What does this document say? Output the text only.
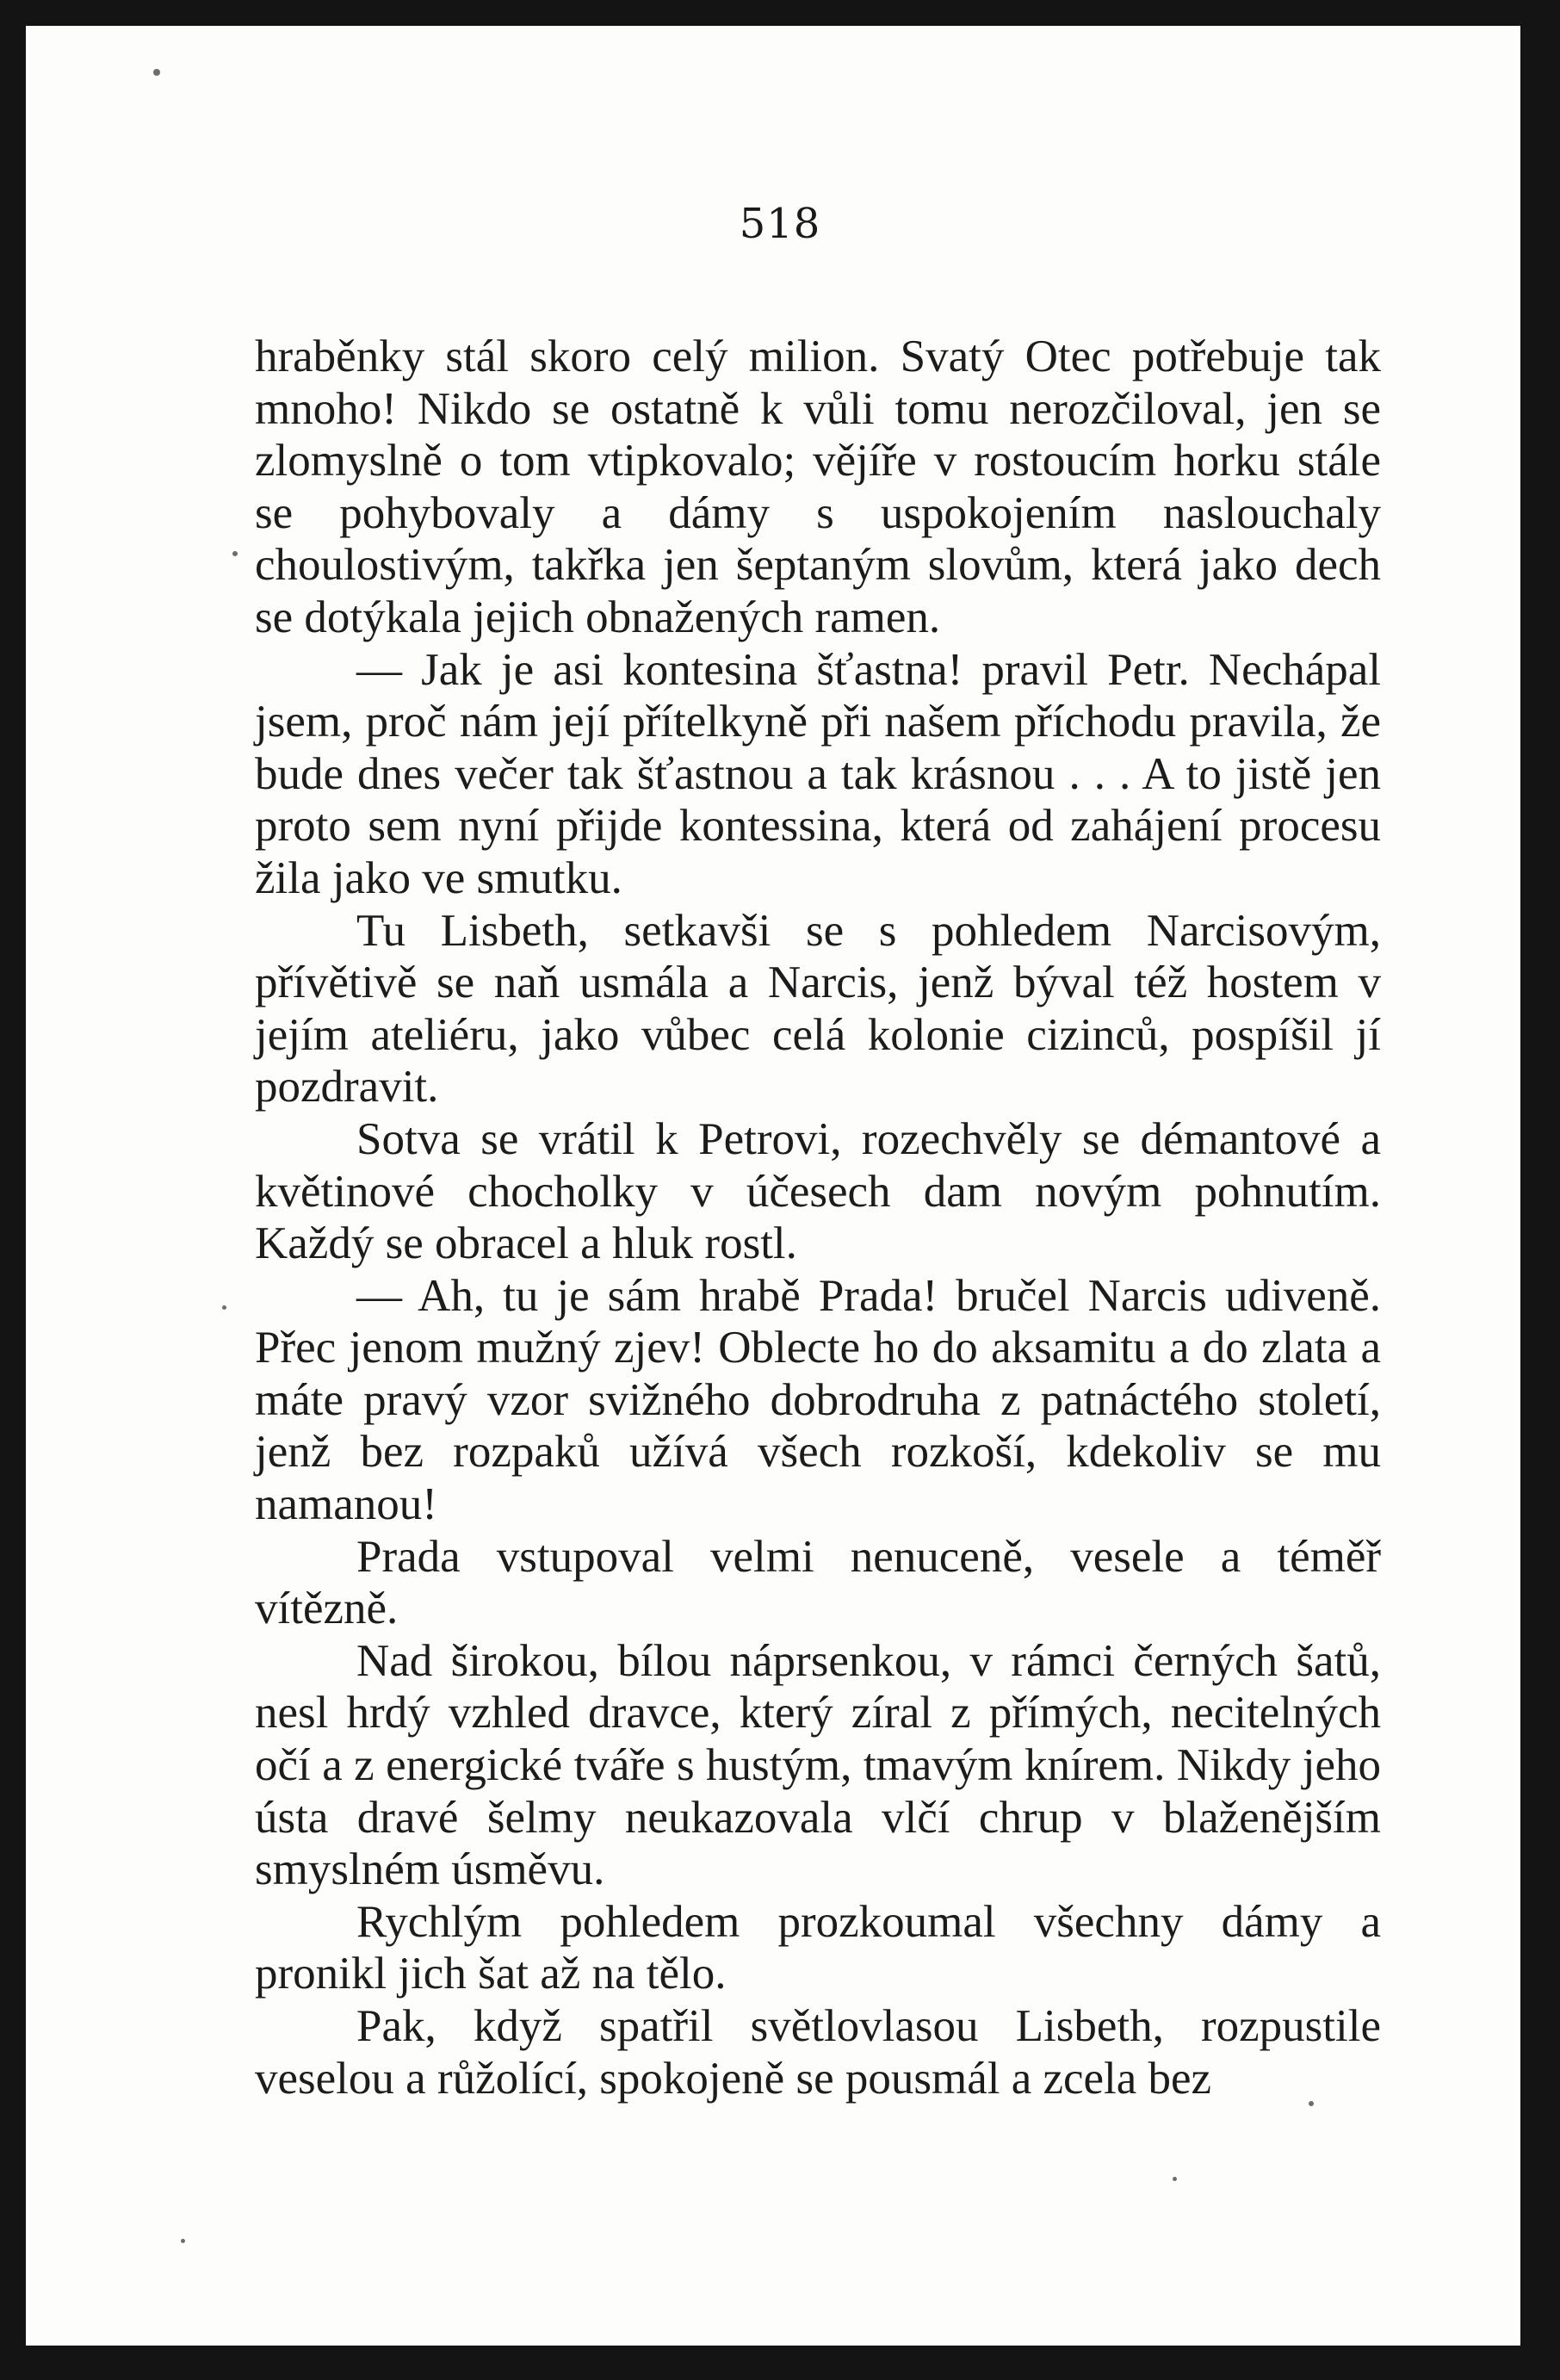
518

hraběnky stál skoro celý milion. Svatý Otec potřebuje tak mnoho! Nikdo se ostatně k vůli tomu nerozčiloval, jen se zlomyslně o tom vtipkovalo; vějíře v rostoucím horku stále se pohybovaly a dámy s uspokojením naslouchaly choulostivým, takřka jen šeptaným slovům, která jako dech se dotýkala jejich obnažených ramen.

— Jak je asi kontesina šťastna! pravil Petr. Nechápal jsem, proč nám její přítelkyně při našem příchodu pravila, že bude dnes večer tak šťastnou a tak krásnou . . . A to jistě jen proto sem nyní přijde kontessina, která od zahájení procesu žila jako ve smutku.

Tu Lisbeth, setkavši se s pohledem Narcisovým, přívětivě se naň usmála a Narcis, jenž býval též hostem v jejím ateliéru, jako vůbec celá kolonie cizinců, pospíšil jí pozdravit.

Sotva se vrátil k Petrovi, rozechvěly se démantové a květinové chocholky v účesech dam novým pohnutím. Každý se obracel a hluk rostl.

— Ah, tu je sám hrabě Prada! bručel Narcis udiveně. Přec jenom mužný zjev! Oblecte ho do aksamitu a do zlata a máte pravý vzor svižného dobrodruha z patnáctého století, jenž bez rozpaků užívá všech rozkoší, kdekoliv se mu namanou!

Prada vstupoval velmi nenuceně, vesele a téměř vítězně.

Nad širokou, bílou náprsenkou, v rámci černých šatů, nesl hrdý vzhled dravce, který zíral z přímých, necitelných očí a z energické tváře s hustým, tmavým knírem. Nikdy jeho ústa dravé šelmy neukazovala vlčí chrup v blaženějším smyslném úsměvu.

Rychlým pohledem prozkoumal všechny dámy a pronikl jich šat až na tělo.

Pak, když spatřil světlovlasou Lisbeth, rozpustile veselou a růžolící, spokojeně se pousmál a zcela bez
